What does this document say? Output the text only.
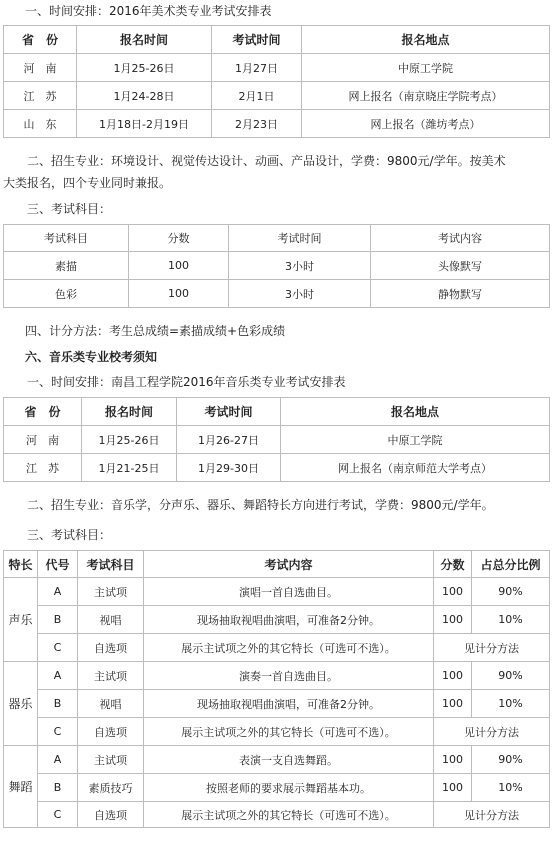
一、时间安排：2016年美术类专业考试安排表

省　份	报名时间	考试时间	报名地点
河　南	1月25-26日	1月27日	中原工学院
江　苏	1月24-28日	2月1日	网上报名（南京晓庄学院考点）
山　东	1月18日-2月19日	2月23日	网上报名（潍坊考点）

二、招生专业：环境设计、视觉传达设计、动画、产品设计，学费：9800元/学年。按美术

大类报名，四个专业同时兼报。

三、考试科目：

考试科目	分数	考试时间	考试内容
素描	100	3小时	头像默写
色彩	100	3小时	静物默写

四、计分方法：考生总成绩=素描成绩+色彩成绩

六、音乐类专业校考须知

一、时间安排：南昌工程学院2016年音乐类专业考试安排表

省　份	报名时间	考试时间	报名地点
河　南	1月25-26日	1月26-27日	中原工学院
江　苏	1月21-25日	1月29-30日	网上报名（南京师范大学考点）

二、招生专业：音乐学，分声乐、器乐、舞蹈特长方向进行考试，学费：9800元/学年。

三、考试科目：

特长	代号	考试科目	考试内容	分数	占总分比例
声乐	A	主试项	演唱一首自选曲目。	100	90%
	B	视唱	现场抽取视唱曲演唱，可准备2分钟。	100	10%
	C	自选项	展示主试项之外的其它特长（可选可不选）。	见计分方法	
器乐	A	主试项	演奏一首自选曲目。	100	90%
	B	视唱	现场抽取视唱曲演唱，可准备2分钟。	100	10%
	C	自选项	展示主试项之外的其它特长（可选可不选）。	见计分方法	
舞蹈	A	主试项	表演一支自选舞蹈。	100	90%
	B	素质技巧	按照老师的要求展示舞蹈基本功。	100	10%
	C	自选项	展示主试项之外的其它特长（可选可不选）。	见计分方法	
